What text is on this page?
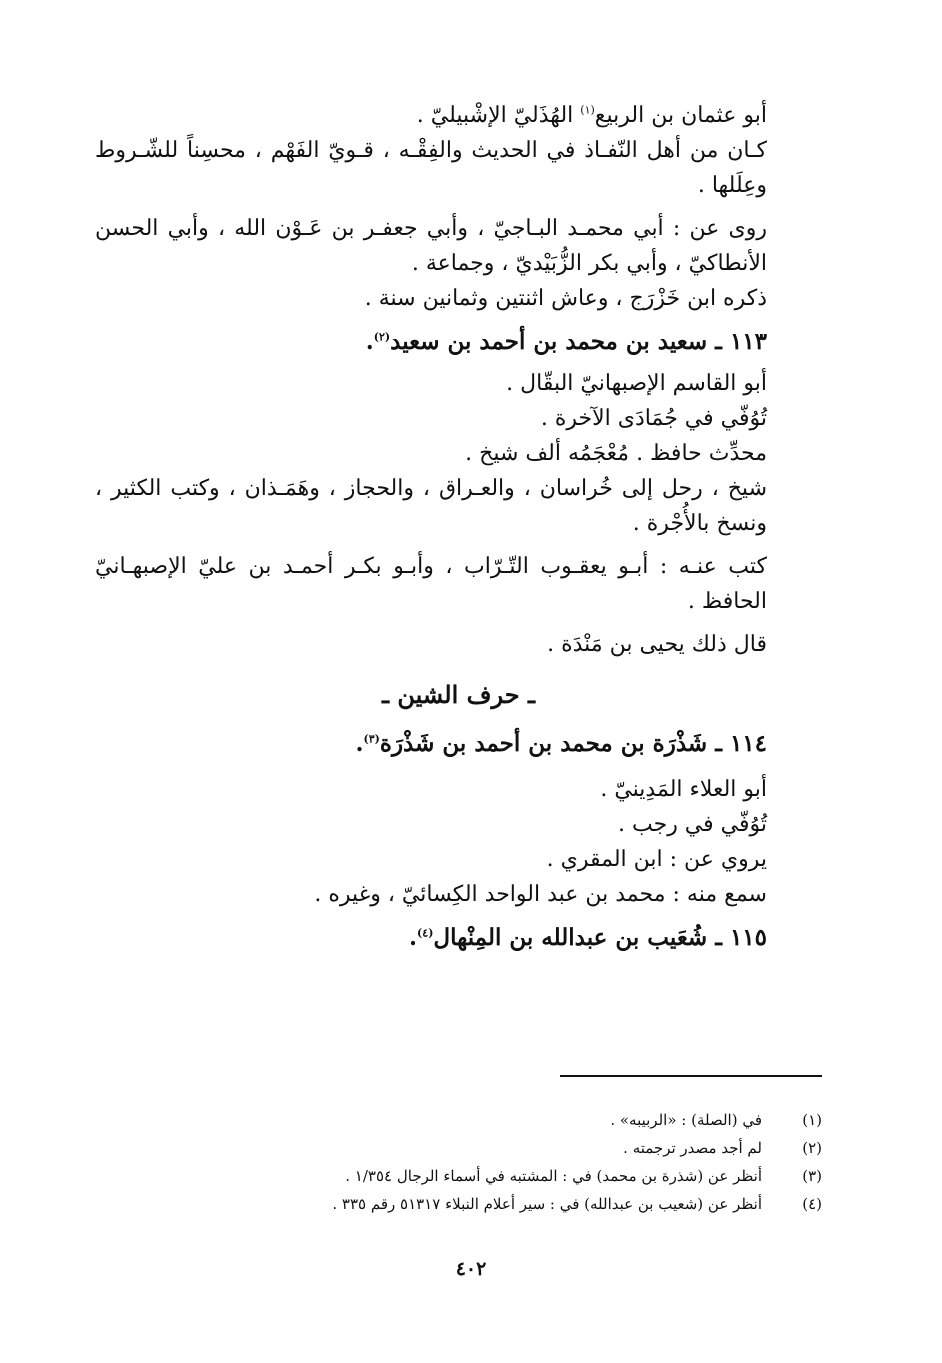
أبو عثمان بن الربيع$^{(١)}$ الهُذَليّ الإشْبيليّ .

كـان من أهل النّفـاذ في الحديث والفِقْـه ، قـويّ الفَهْم ، محسِناً للشّـروط وعِلَلها .

روى عن : أبي محمـد البـاجيّ ، وأبي جعفـر بن عَـوْن الله ، وأبي الحسن الأنطاكيّ ، وأبي بكر الزُّبَيْديّ ، وجماعة .

ذكره ابن خَزْرَج ، وعاش اثنتين وثمانين سنة .

١١٣ ـ سعيد بن محمد بن أحمد بن سعيد$^{(٢)}$.

أبو القاسم الإصبهانيّ البقّال .

تُوُفّي في جُمَادَى الآخرة .

محدِّث حافظ . مُعْجَمُه ألف شيخ .

شيخ ، رحل إلى خُراسان ، والعـراق ، والحجاز ، وهَمَـذان ، وكتب الكثير ، ونسخ بالأُجْرة .

كتب عنـه : أبـو يعقـوب التّـرّاب ، وأبـو بكـر أحمـد بن عليّ الإصبهـانيّ الحافظ .

قال ذلك يحيى بن مَنْدَة .

ـ حرف الشين ـ
١١٤ ـ شَذْرَة بن محمد بن أحمد بن شَذْرَة$^{(٣)}$.

أبو العلاء المَدِينيّ .

تُوُفّي في رجب .

يروي عن : ابن المقري .

سمع منه : محمد بن عبد الواحد الكِسائيّ ، وغيره .

١١٥ ـ شُعَيب بن عبدالله بن المِنْهال$^{(٤)}$.
(١)
في (الصلة) : «الربيبه» .
(٢)
لم أجد مصدر ترجمته .
(٣)
أنظر عن (شذرة بن محمد) في : المشتبه في أسماء الرجال ١/٣٥٤ .
(٤)
أنظر عن (شعيب بن عبدالله) في : سير أعلام النبلاء ٥١٣١٧ رقم ٣٣٥ .
٤٠٢
